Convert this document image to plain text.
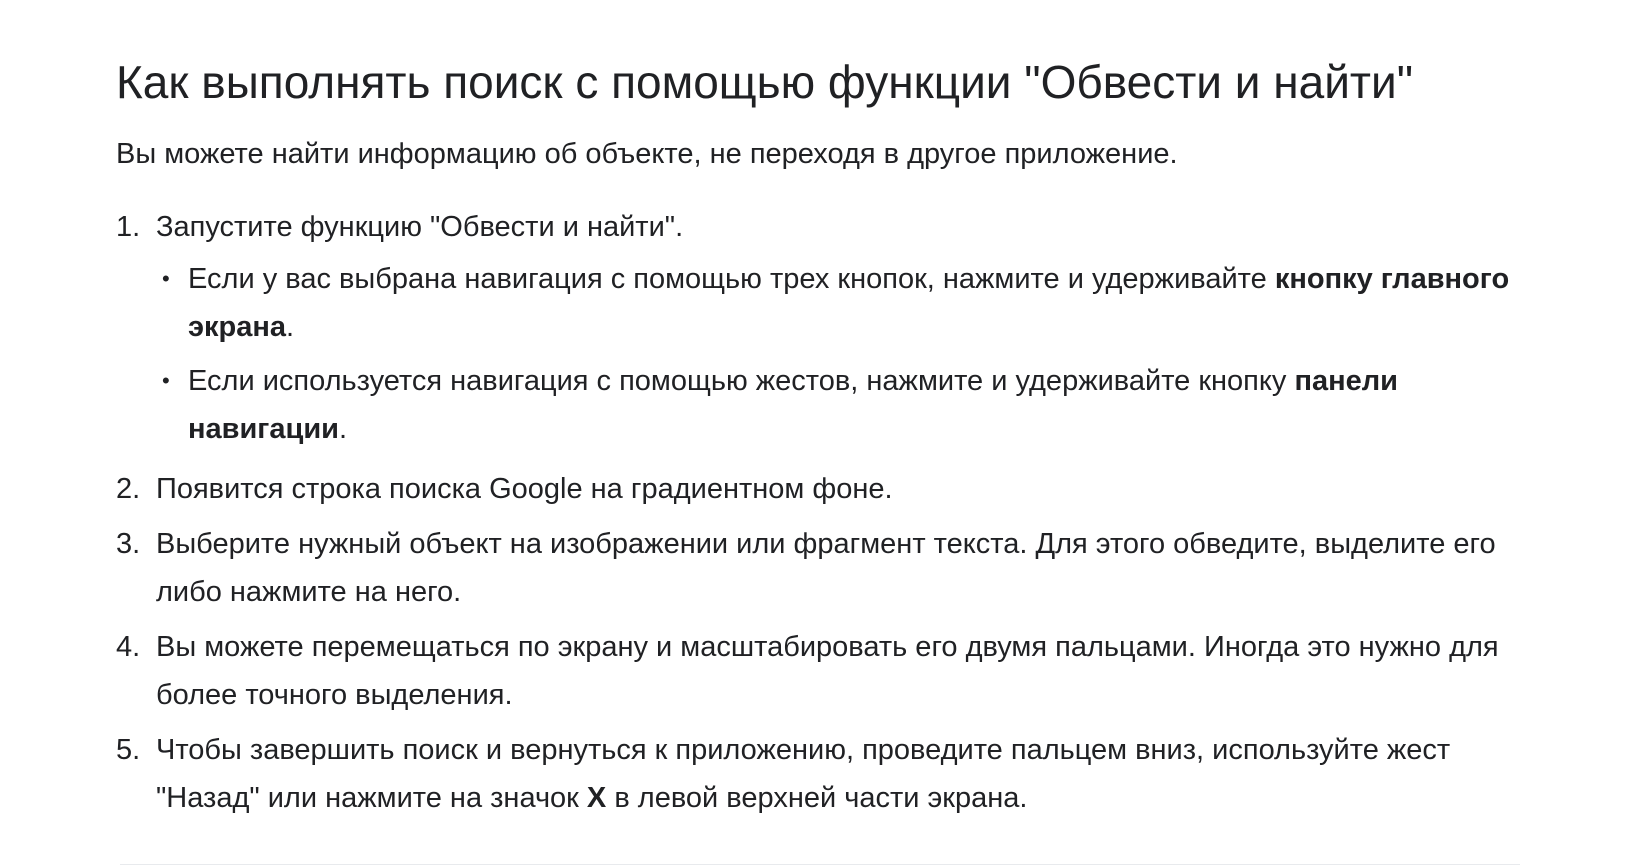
Как выполнять поиск с помощью функции "Обвести и найти"

Вы можете найти информацию об объекте, не переходя в другое приложение.

1. Запустите функцию "Обвести и найти".
• Если у вас выбрана навигация с помощью трех кнопок, нажмите и удерживайте кнопку главного экрана.
• Если используется навигация с помощью жестов, нажмите и удерживайте кнопку панели навигации.
2. Появится строка поиска Google на градиентном фоне.
3. Выберите нужный объект на изображении или фрагмент текста. Для этого обведите, выделите его либо нажмите на него.
4. Вы можете перемещаться по экрану и масштабировать его двумя пальцами. Иногда это нужно для более точного выделения.
5. Чтобы завершить поиск и вернуться к приложению, проведите пальцем вниз, используйте жест "Назад" или нажмите на значок X в левой верхней части экрана.
